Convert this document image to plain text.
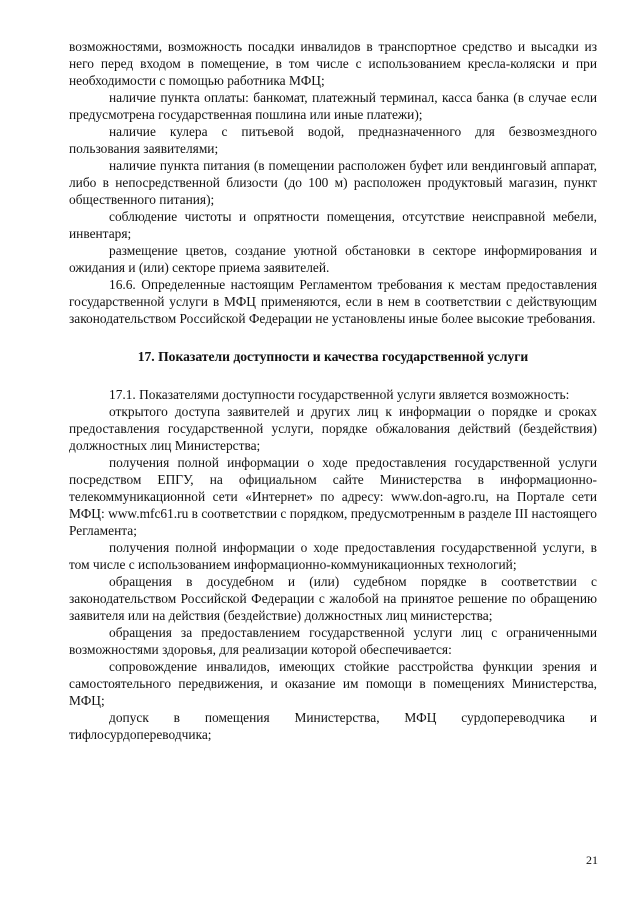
возможностями, возможность посадки инвалидов в транспортное средство и высадки из него перед входом в помещение, в том числе с использованием кресла-коляски и при необходимости с помощью работника МФЦ;

наличие пункта оплаты: банкомат, платежный терминал, касса банка (в случае если предусмотрена государственная пошлина или иные платежи);

наличие кулера с питьевой водой, предназначенного для безвозмездного пользования заявителями;

наличие пункта питания (в помещении расположен буфет или вендинговый аппарат, либо в непосредственной близости (до 100 м) расположен продуктовый магазин, пункт общественного питания);

соблюдение чистоты и опрятности помещения, отсутствие неисправной мебели, инвентаря;

размещение цветов, создание уютной обстановки в секторе информирования и ожидания и (или) секторе приема заявителей.

16.6. Определенные настоящим Регламентом требования к местам предоставления государственной услуги в МФЦ применяются, если в нем в соответствии с действующим законодательством Российской Федерации не установлены иные более высокие требования.

17. Показатели доступности и качества государственной услуги

17.1. Показателями доступности государственной услуги является возможность:

открытого доступа заявителей и других лиц к информации о порядке и сроках предоставления государственной услуги, порядке обжалования действий (бездействия) должностных лиц Министерства;

получения полной информации о ходе предоставления государственной услуги посредством ЕПГУ, на официальном сайте Министерства в информационно-телекоммуникационной сети «Интернет» по адресу: www.don-agro.ru, на Портале сети МФЦ: www.mfc61.ru в соответствии с порядком, предусмотренным в разделе III настоящего Регламента;

получения полной информации о ходе предоставления государственной услуги, в том числе с использованием информационно-коммуникационных технологий;

обращения в досудебном и (или) судебном порядке в соответствии с законодательством Российской Федерации с жалобой на принятое решение по обращению заявителя или на действия (бездействие) должностных лиц министерства;

обращения за предоставлением государственной услуги лиц с ограниченными возможностями здоровья, для реализации которой обеспечивается:

сопровождение инвалидов, имеющих стойкие расстройства функции зрения и самостоятельного передвижения, и оказание им помощи в помещениях Министерства, МФЦ;

допуск в помещения Министерства, МФЦ сурдопереводчика и тифлосурдопереводчика;

21
